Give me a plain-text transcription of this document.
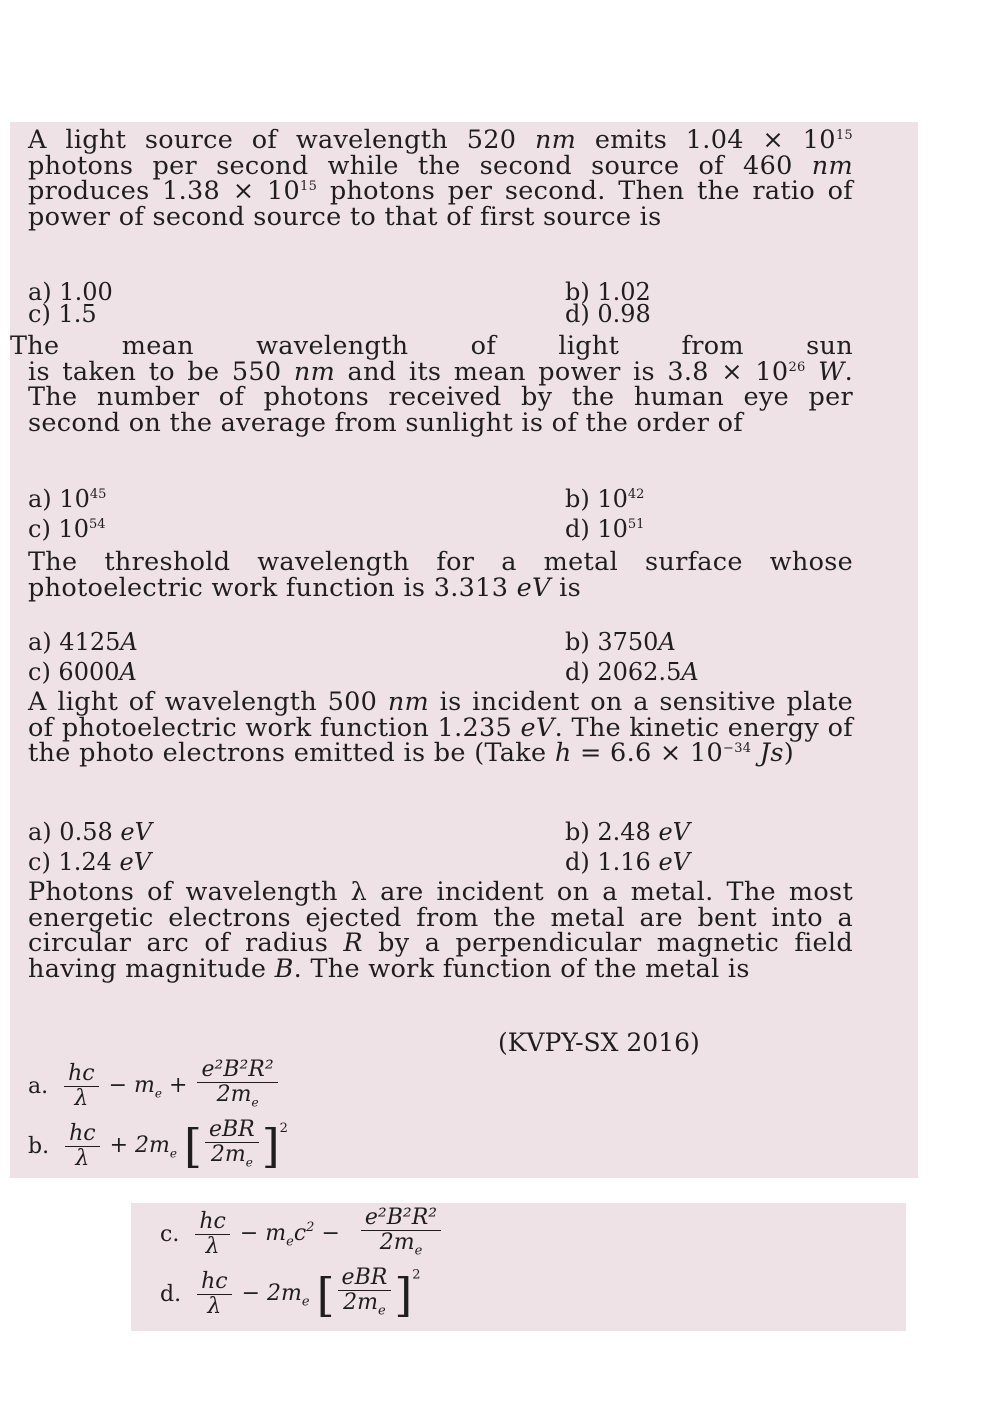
A light source of wavelength 520 nm emits $1.04 \times 10^{15}$ photons per second while the second source of 460 nm produces $1.38 \times 10^{15}$ photons per second. Then the ratio of power of second source to that of first source is
a) 1.00	b) 1.02
c) 1.5	d) 0.98
The mean wavelength of light from sun
is taken to be 550 nm and its mean power is $3.8 \times 10^{26}$ W. The number of photons received by the human eye per second on the average from sunlight is of the order of
a) $10^{45}$	b) $10^{42}$
c) $10^{54}$	d) $10^{51}$
The threshold wavelength for a metal surface whose photoelectric work function is 3.313 eV is
a) 4125A	b) 3750A
c) 6000A	d) 2062.5A
A light of wavelength 500 nm is incident on a sensitive plate of photoelectric work function 1.235 eV. The kinetic energy of the photo electrons emitted is be (Take $h = 6.6 \times 10^{-34}$ Js)
a) 0.58 eV	b) 2.48 eV
c) 1.24 eV	d) 1.16 eV
Photons of wavelength λ are incident on a metal. The most energetic electrons ejected from the metal are bent into a circular arc of radius R by a perpendicular magnetic field having magnitude B. The work function of the metal is
(KVPY-SX 2016)
a. $\frac{hc}{\lambda} - m_e + \frac{\text{e²B²R²}}{2m_e}$
b. $\frac{hc}{\lambda} + 2m_e$ [ $\frac{\text{eBR}}{2m_e} ]^2$
c. $\frac{hc}{\lambda} - m_ec^2 - \frac{\text{e²B²R²}}{2m_e}$
d. $\frac{hc}{\lambda} - 2m_e$ [ $\frac{\text{eBR}}{2m_e} ]^2$
